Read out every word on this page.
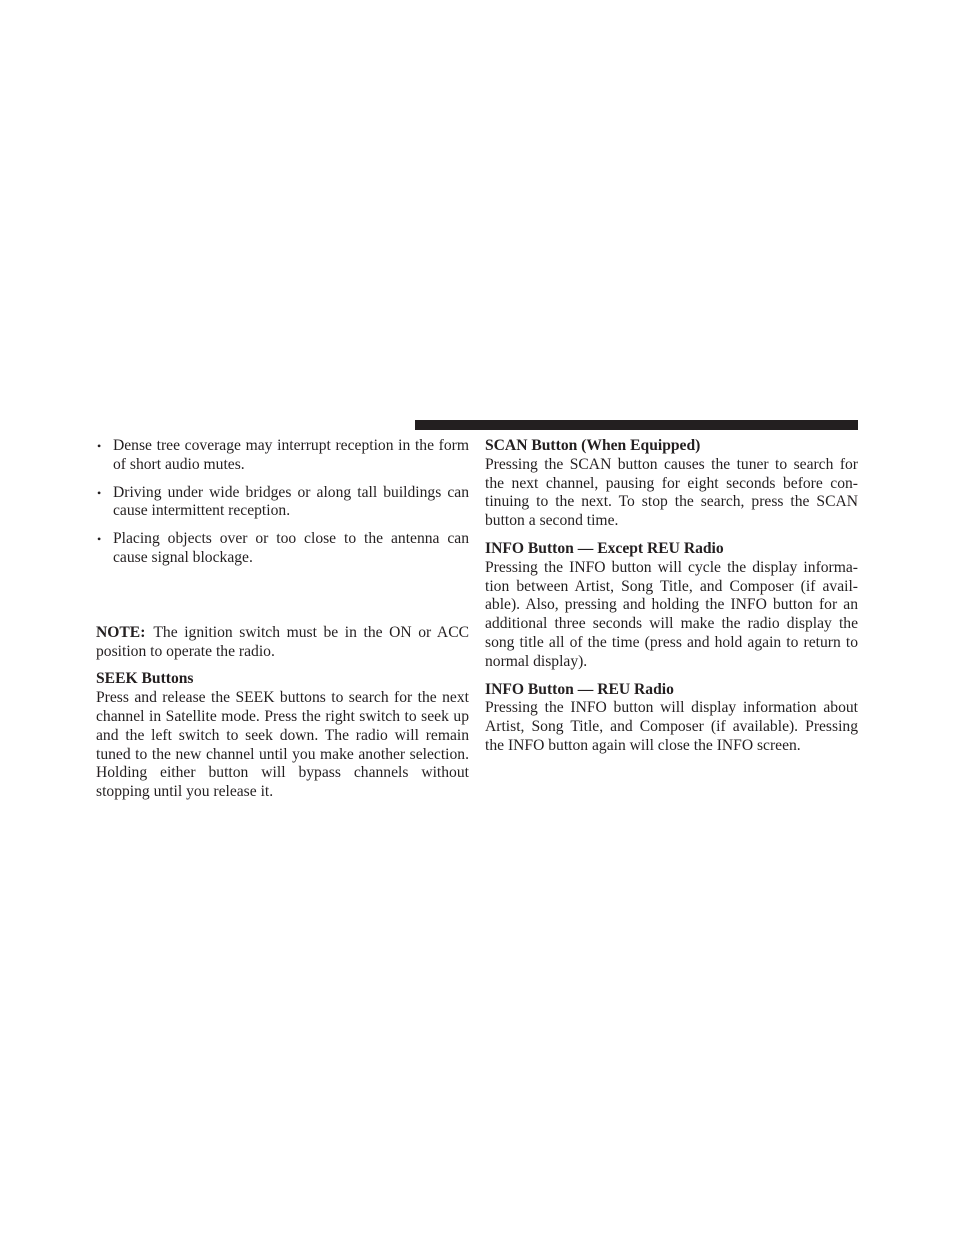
• Dense tree coverage may interrupt reception in the form of short audio mutes.
• Driving under wide bridges or along tall buildings can cause intermittent reception.
• Placing objects over or too close to the antenna can cause signal blockage.

NOTE: The ignition switch must be in the ON or ACC position to operate the radio.

SEEK Buttons

Press and release the SEEK buttons to search for the next channel in Satellite mode. Press the right switch to seek up and the left switch to seek down. The radio will remain tuned to the new channel until you make another selection. Holding either button will bypass channels without stopping until you release it.

SCAN Button (When Equipped)

Pressing the SCAN button causes the tuner to search for the next channel, pausing for eight seconds before con-tinuing to the next. To stop the search, press the SCAN button a second time.

INFO Button — Except REU Radio

Pressing the INFO button will cycle the display informa-tion between Artist, Song Title, and Composer (if avail-able). Also, pressing and holding the INFO button for an additional three seconds will make the radio display the song title all of the time (press and hold again to return to normal display).

INFO Button — REU Radio

Pressing the INFO button will display information about Artist, Song Title, and Composer (if available). Pressing the INFO button again will close the INFO screen.
